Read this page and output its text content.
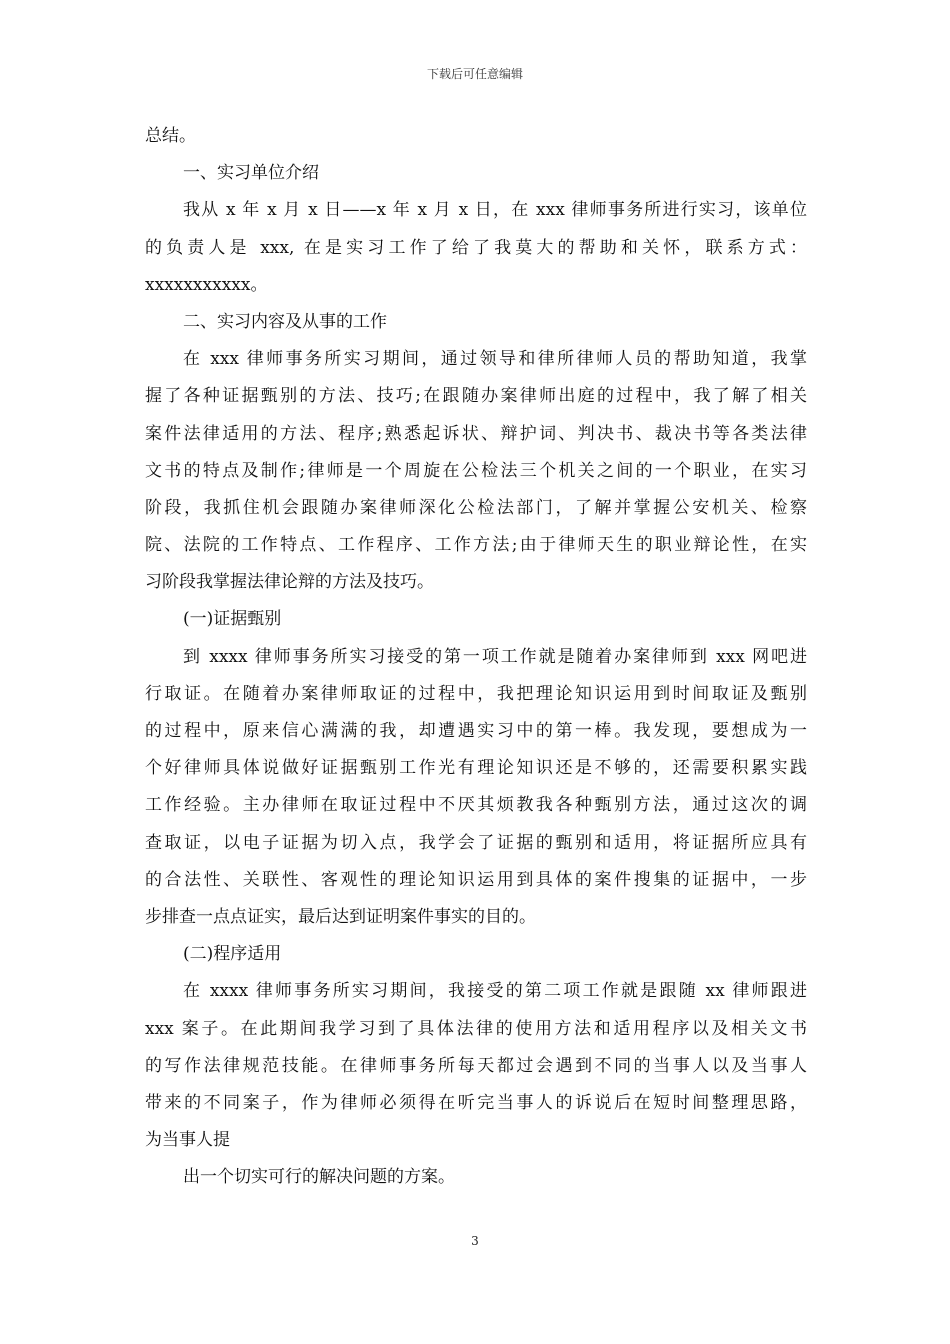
下载后可任意编辑
总结。
一、实习单位介绍
我从 x 年 x 月 x 日——x 年 x 月 x 日，在 xxx 律师事务所进行实习，该单位
的负责人是 xxx, 在是实习工作了给了我莫大的帮助和关怀，联系方式：
xxxxxxxxxxx。
二、实习内容及从事的工作
在 xxx 律师事务所实习期间，通过领导和律所律师人员的帮助知道，我掌
握了各种证据甄别的方法、技巧;在跟随办案律师出庭的过程中，我了解了相关
案件法律适用的方法、程序;熟悉起诉状、辩护词、判决书、裁决书等各类法律
文书的特点及制作;律师是一个周旋在公检法三个机关之间的一个职业，在实习
阶段，我抓住机会跟随办案律师深化公检法部门，了解并掌握公安机关、检察
院、法院的工作特点、工作程序、工作方法;由于律师天生的职业辩论性，在实
习阶段我掌握法律论辩的方法及技巧。
(一)证据甄别
到 xxxx 律师事务所实习接受的第一项工作就是随着办案律师到 xxx 网吧进
行取证。在随着办案律师取证的过程中，我把理论知识运用到时间取证及甄别
的过程中，原来信心满满的我，却遭遇实习中的第一棒。我发现，要想成为一
个好律师具体说做好证据甄别工作光有理论知识还是不够的，还需要积累实践
工作经验。主办律师在取证过程中不厌其烦教我各种甄别方法，通过这次的调
查取证，以电子证据为切入点，我学会了证据的甄别和适用，将证据所应具有
的合法性、关联性、客观性的理论知识运用到具体的案件搜集的证据中，一步
步排查一点点证实，最后达到证明案件事实的目的。
(二)程序适用
在 xxxx 律师事务所实习期间，我接受的第二项工作就是跟随 xx 律师跟进
xxx 案子。在此期间我学习到了具体法律的使用方法和适用程序以及相关文书
的写作法律规范技能。在律师事务所每天都过会遇到不同的当事人以及当事人
带来的不同案子，作为律师必须得在听完当事人的诉说后在短时间整理思路，
为当事人提
出一个切实可行的解决问题的方案。
3
